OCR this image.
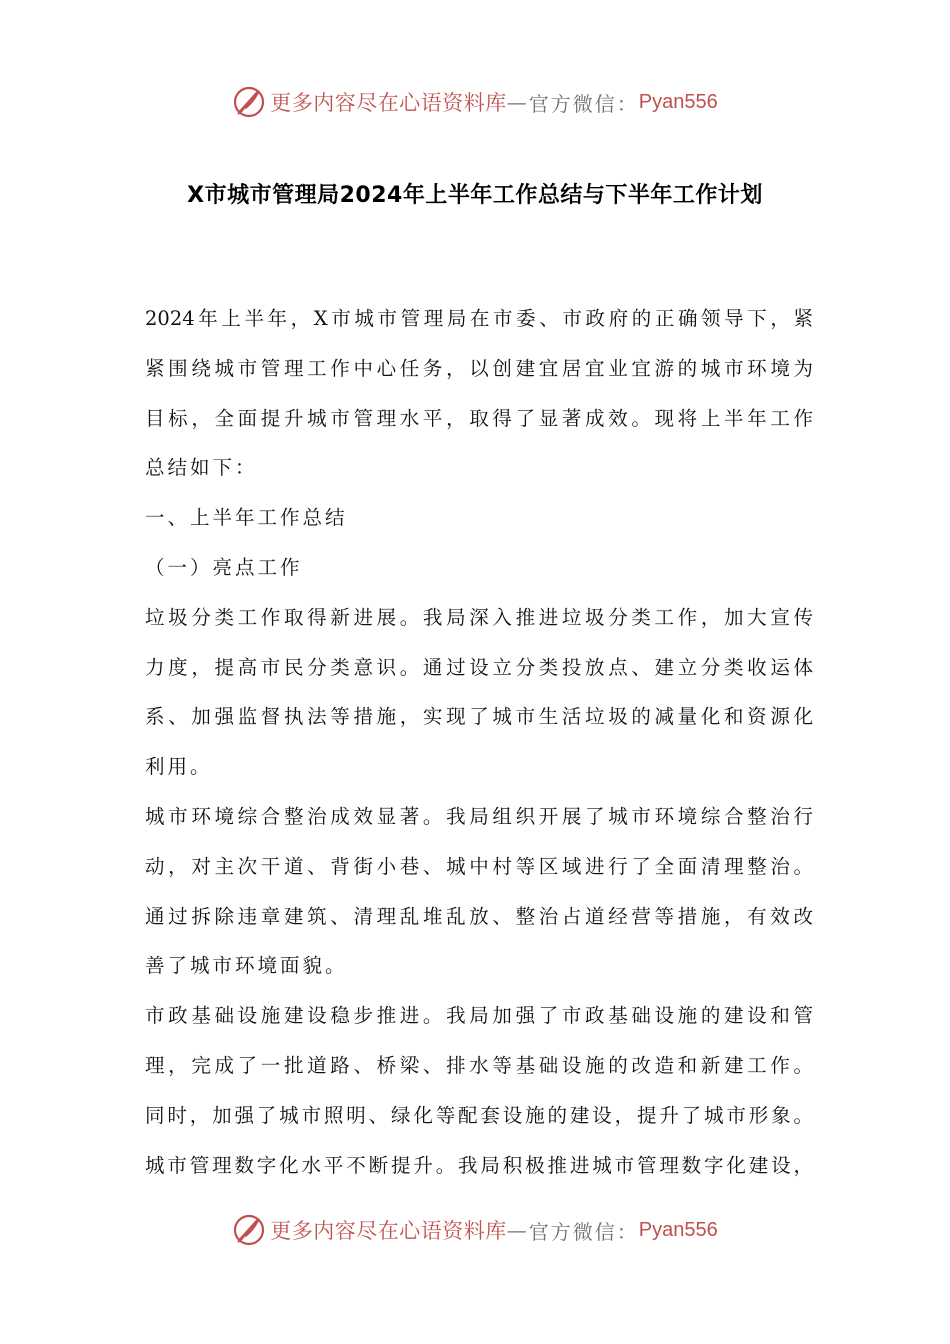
更多内容尽在心语资料库 — 官方微信： Pyan556
X市城市管理局2024年上半年工作总结与下半年工作计划
2024年上半年，X市城市管理局在市委、市政府的正确领导下，紧
紧围绕城市管理工作中心任务，以创建宜居宜业宜游的城市环境为
目标，全面提升城市管理水平，取得了显著成效。现将上半年工作
总结如下：
一、上半年工作总结
（一）亮点工作
垃圾分类工作取得新进展。我局深入推进垃圾分类工作，加大宣传
力度，提高市民分类意识。通过设立分类投放点、建立分类收运体
系、加强监督执法等措施，实现了城市生活垃圾的减量化和资源化
利用。
城市环境综合整治成效显著。我局组织开展了城市环境综合整治行
动，对主次干道、背街小巷、城中村等区域进行了全面清理整治。
通过拆除违章建筑、清理乱堆乱放、整治占道经营等措施，有效改
善了城市环境面貌。
市政基础设施建设稳步推进。我局加强了市政基础设施的建设和管
理，完成了一批道路、桥梁、排水等基础设施的改造和新建工作。
同时，加强了城市照明、绿化等配套设施的建设，提升了城市形象。
城市管理数字化水平不断提升。我局积极推进城市管理数字化建设，
更多内容尽在心语资料库 — 官方微信： Pyan556
